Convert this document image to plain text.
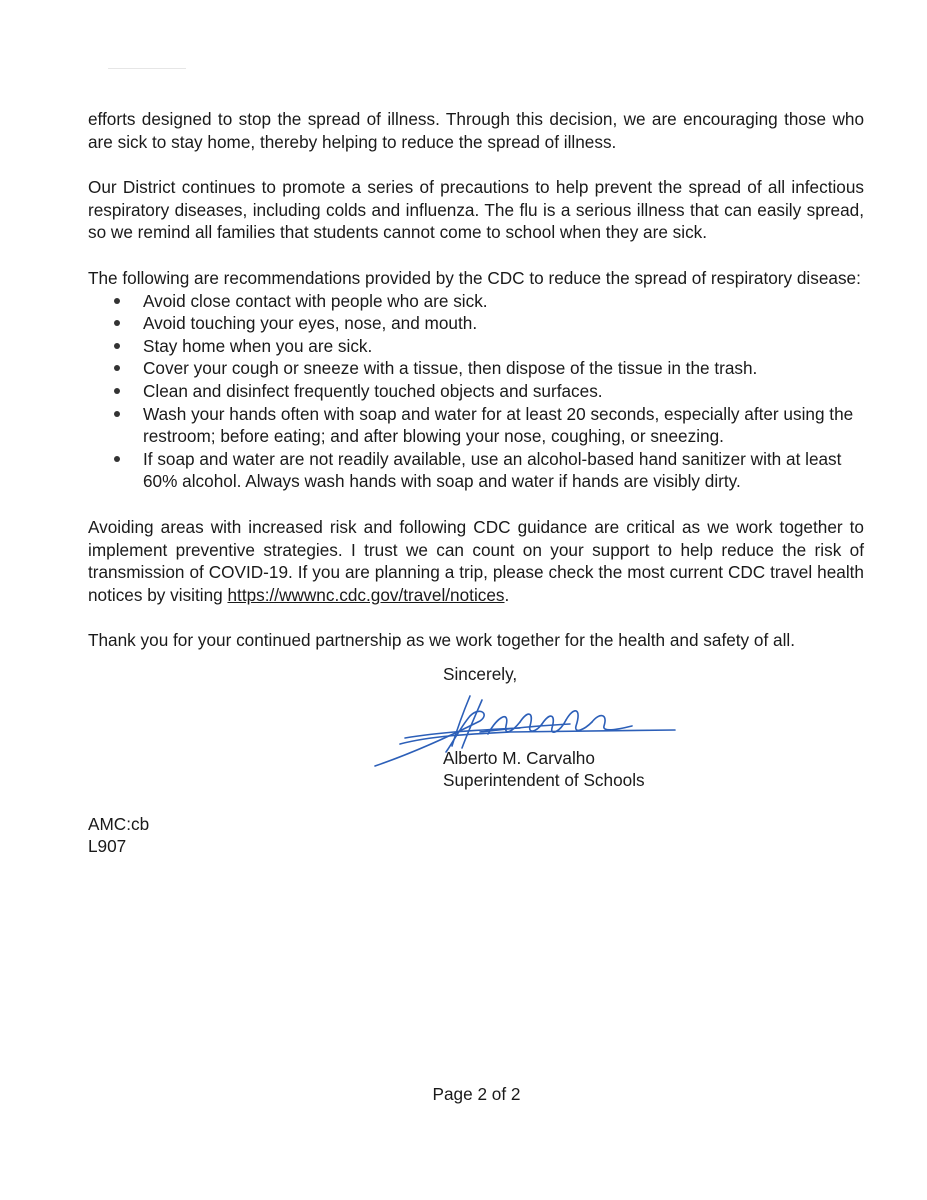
efforts designed to stop the spread of illness. Through this decision, we are encouraging those who are sick to stay home, thereby helping to reduce the spread of illness.

Our District continues to promote a series of precautions to help prevent the spread of all infectious respiratory diseases, including colds and influenza. The flu is a serious illness that can easily spread, so we remind all families that students cannot come to school when they are sick.

The following are recommendations provided by the CDC to reduce the spread of respiratory disease:

Avoid close contact with people who are sick.
Avoid touching your eyes, nose, and mouth.
Stay home when you are sick.
Cover your cough or sneeze with a tissue, then dispose of the tissue in the trash.
Clean and disinfect frequently touched objects and surfaces.
Wash your hands often with soap and water for at least 20 seconds, especially after using the restroom; before eating; and after blowing your nose, coughing, or sneezing.
If soap and water are not readily available, use an alcohol-based hand sanitizer with at least 60% alcohol. Always wash hands with soap and water if hands are visibly dirty.

Avoiding areas with increased risk and following CDC guidance are critical as we work together to implement preventive strategies. I trust we can count on your support to help reduce the risk of transmission of COVID-19. If you are planning a trip, please check the most current CDC travel health notices by visiting https://wwwnc.cdc.gov/travel/notices.

Thank you for your continued partnership as we work together for the health and safety of all.

Sincerely,
Alberto M. Carvalho
Superintendent of Schools
AMC:cb
L907
Page 2 of 2
